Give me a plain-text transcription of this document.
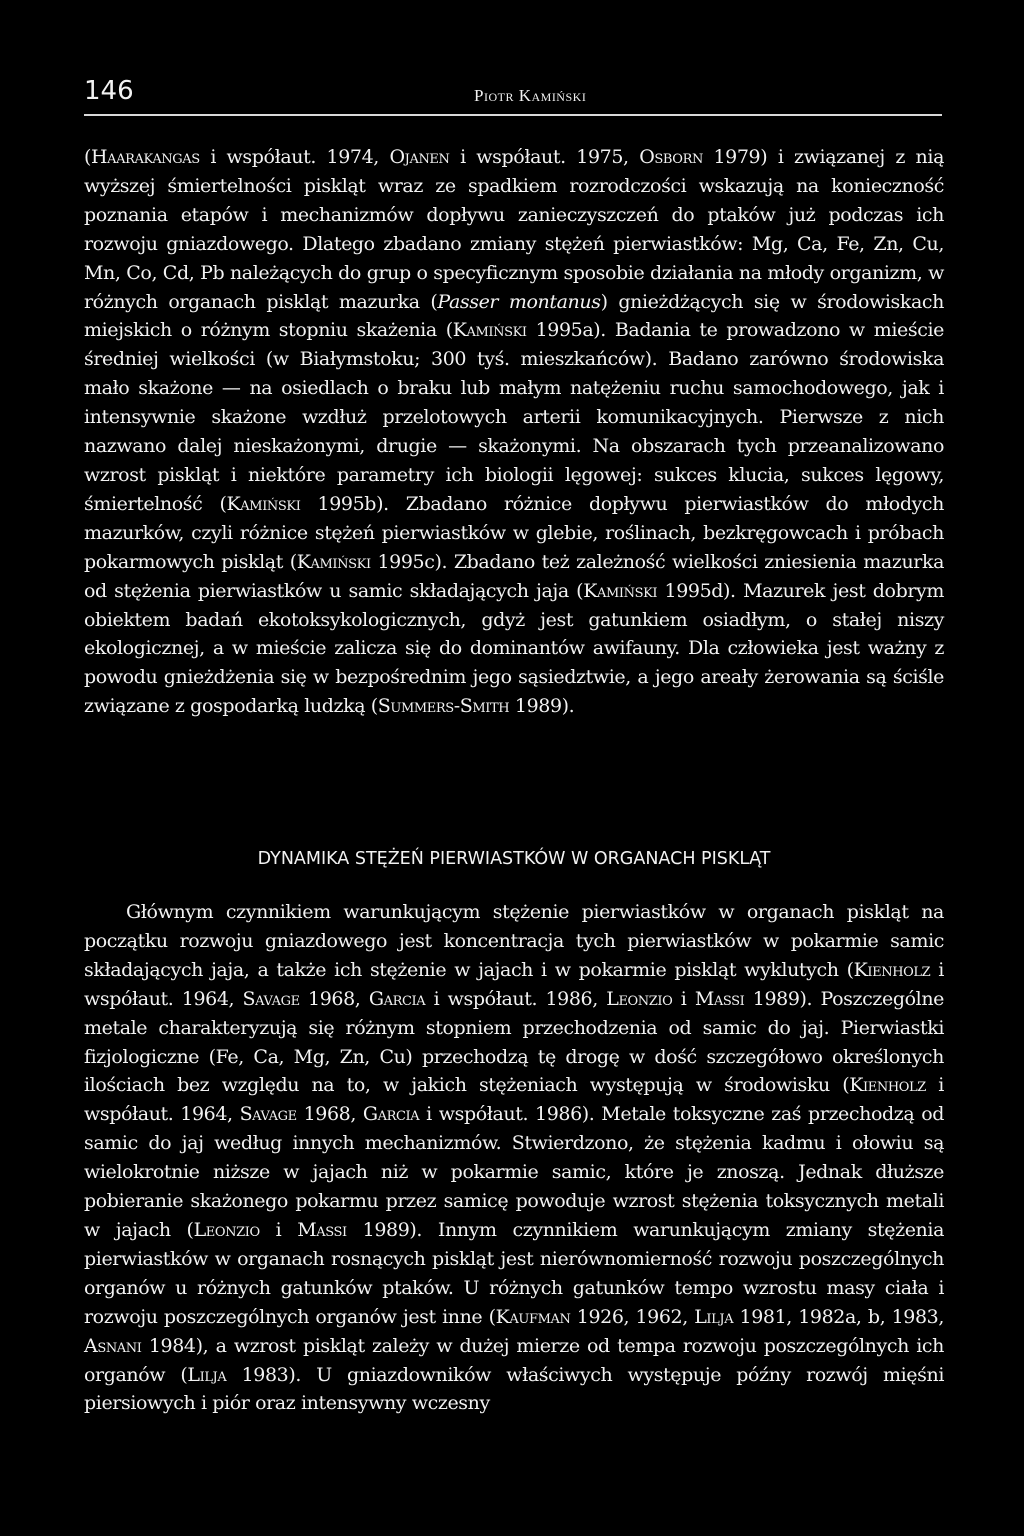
146	Piotr Kamiński

(Haarakangas i współaut. 1974, Ojanen i współaut. 1975, Osborn 1979) i związanej z nią wyższej śmiertelności piskląt wraz ze spadkiem rozrodczości wskazują na konieczność poznania etapów i mechanizmów dopływu zanieczyszczeń do ptaków już podczas ich rozwoju gniazdowego. Dlatego zbadano zmiany stężeń pierwiastków: Mg, Ca, Fe, Zn, Cu, Mn, Co, Cd, Pb należących do grup o specyficznym sposobie działania na młody organizm, w różnych organach piskląt mazurka (Passer montanus) gnieżdżących się w środowiskach miejskich o różnym stopniu skażenia (Kamiński 1995a). Badania te prowadzono w mieście średniej wielkości (w Białymstoku; 300 tyś. mieszkańców). Badano zarówno środowiska mało skażone — na osiedlach o braku lub małym natężeniu ruchu samochodowego, jak i intensywnie skażone wzdłuż przelotowych arterii komunikacyjnych. Pierwsze z nich nazwano dalej nieskażonymi, drugie — skażonymi. Na obszarach tych przeanalizowano wzrost piskląt i niektóre parametry ich biologii lęgowej: sukces klucia, sukces lęgowy, śmiertelność (Kamiński 1995b). Zbadano różnice dopływu pierwiastków do młodych mazurków, czyli różnice stężeń pierwiastków w glebie, roślinach, bezkręgowcach i próbach pokarmowych piskląt (Kamiński 1995c). Zbadano też zależność wielkości zniesienia mazurka od stężenia pierwiastków u samic składających jaja (Kamiński 1995d). Mazurek jest dobrym obiektem badań ekotoksykologicznych, gdyż jest gatunkiem osiadłym, o stałej niszy ekologicznej, a w mieście zalicza się do dominantów awifauny. Dla człowieka jest ważny z powodu gnieżdżenia się w bezpośrednim jego sąsiedztwie, a jego areały żerowania są ściśle związane z gospodarką ludzką (Summers-Smith 1989).

DYNAMIKA STĘŻEŃ PIERWIASTKÓW W ORGANACH PISKLĄT

Głównym czynnikiem warunkującym stężenie pierwiastków w organach piskląt na początku rozwoju gniazdowego jest koncentracja tych pierwiastków w pokarmie samic składających jaja, a także ich stężenie w jajach i w pokarmie piskląt wyklutych (Kienholz i współaut. 1964, Savage 1968, Garcia i współaut. 1986, Leonzio i Massi 1989). Poszczególne metale charakteryzują się różnym stopniem przechodzenia od samic do jaj. Pierwiastki fizjologiczne (Fe, Ca, Mg, Zn, Cu) przechodzą tę drogę w dość szczegółowo określonych ilościach bez względu na to, w jakich stężeniach występują w środowisku (Kienholz i współaut. 1964, Savage 1968, Garcia i współaut. 1986). Metale toksyczne zaś przechodzą od samic do jaj według innych mechanizmów. Stwierdzono, że stężenia kadmu i ołowiu są wielokrotnie niższe w jajach niż w pokarmie samic, które je znoszą. Jednak dłuższe pobieranie skażonego pokarmu przez samicę powoduje wzrost stężenia toksycznych metali w jajach (Leonzio i Massi 1989). Innym czynnikiem warunkującym zmiany stężenia pierwiastków w organach rosnących piskląt jest nierównomierność rozwoju poszczególnych organów u różnych gatunków ptaków. U różnych gatunków tempo wzrostu masy ciała i rozwoju poszczególnych organów jest inne (Kaufman 1926, 1962, Lilja 1981, 1982a, b, 1983, Asnani 1984), a wzrost piskląt zależy w dużej mierze od tempa rozwoju poszczególnych ich organów (Lilja 1983). U gniazdowników właściwych występuje późny rozwój mięśni piersiowych i piór oraz intensywny wczesny
